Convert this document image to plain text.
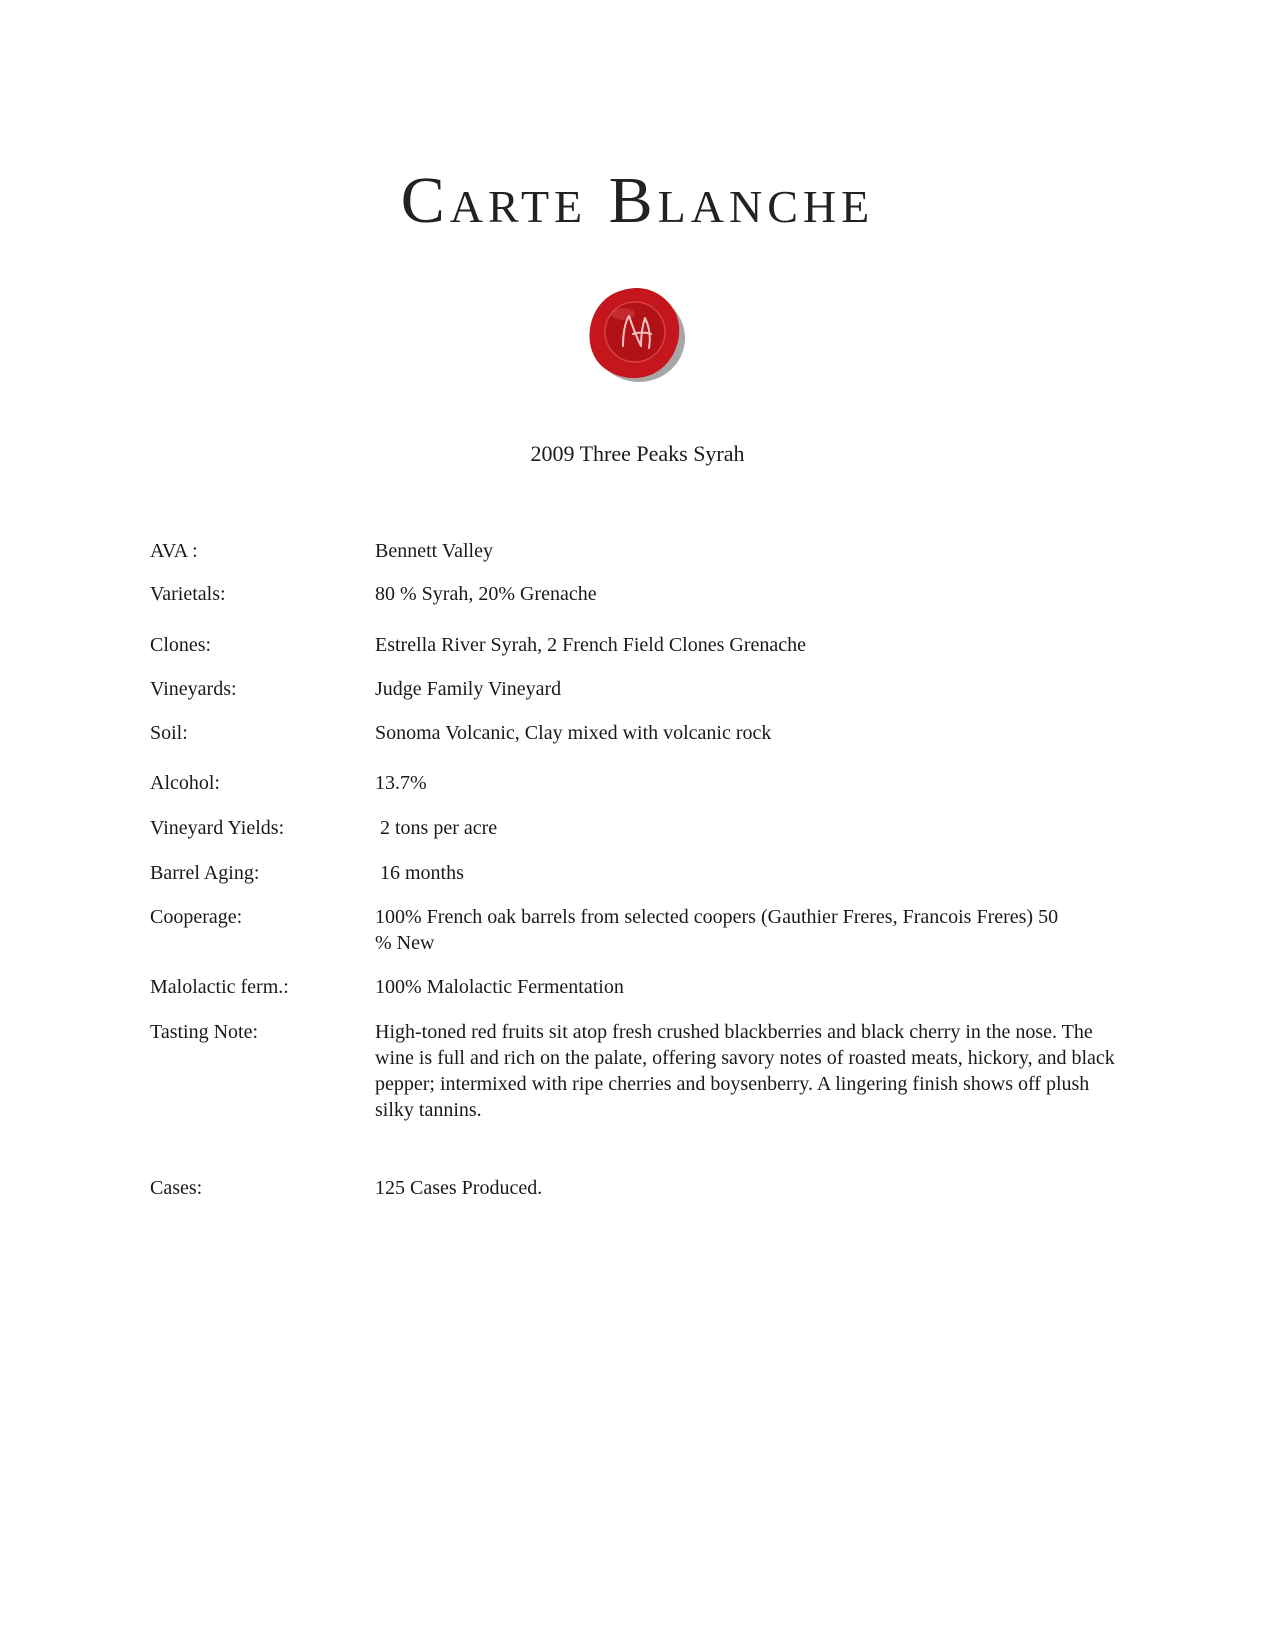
Carte Blanche
2009 Three Peaks Syrah
AVA :	Bennett Valley
Varietals:	80 % Syrah, 20% Grenache
Clones:	Estrella River Syrah, 2 French Field Clones Grenache
Vineyards:	Judge Family Vineyard
Soil:	Sonoma Volcanic, Clay mixed with volcanic rock
Alcohol:	13.7%
Vineyard Yields:	2 tons per acre
Barrel Aging:	16 months
Cooperage:	100% French oak barrels from selected coopers (Gauthier Freres, Francois Freres) 50 % New
Malolactic ferm.:	100% Malolactic Fermentation
Tasting Note:	High-toned red fruits sit atop fresh crushed blackberries and black cherry in the nose. The wine is full and rich on the palate, offering savory notes of roasted meats, hickory, and black pepper; intermixed with ripe cherries and boysenberry. A lingering finish shows off plush silky tannins.
Cases:	125 Cases Produced.
